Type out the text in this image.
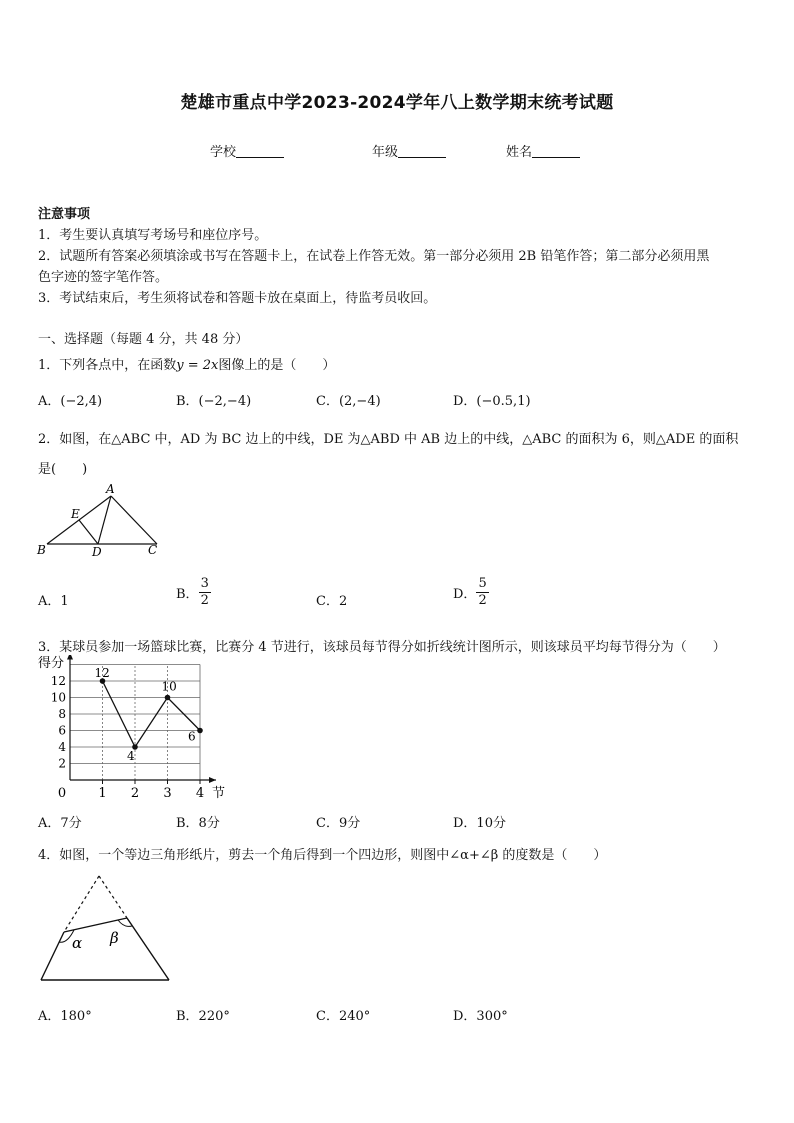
楚雄市重点中学2023-2024学年八上数学期末统考试题
学校	年级	姓名
注意事项
1．考生要认真填写考场号和座位序号。
2．试题所有答案必须填涂或书写在答题卡上，在试卷上作答无效。第一部分必须用 2B 铅笔作答；第二部分必须用黑
色字迹的签字笔作答。
3．考试结束后，考生须将试卷和答题卡放在桌面上，待监考员收回。
一、选择题（每题 4 分，共 48 分）
1．下列各点中，在函数y = 2x图像上的是（　　）
A．(−2,4)	B．(−2,−4)	C．(2,−4)	D．(−0.5,1)
2．如图，在△ABC 中，AD 为 BC 边上的中线，DE 为△ABD 中 AB 边上的中线，△ABC 的面积为 6，则△ADE 的面积
是(　　)
A
E
B	D	C
A．1	B． $\frac{3}{2}$	C．2	D． $\frac{5}{2}$
3．某球员参加一场篮球比赛，比赛分 4 节进行，该球员每节得分如折线统计图所示，则该球员平均每节得分为（　　）
得分
节
2
4
6
8
10
12
0 1 2 3 4
12
4
10
6
A．7分	B．8分	C．9分	D．10分
4．如图，一个等边三角形纸片，剪去一个角后得到一个四边形，则图中∠α+∠β 的度数是（　　）
α β
A．180°	B．220°	C．240°	D．300°
